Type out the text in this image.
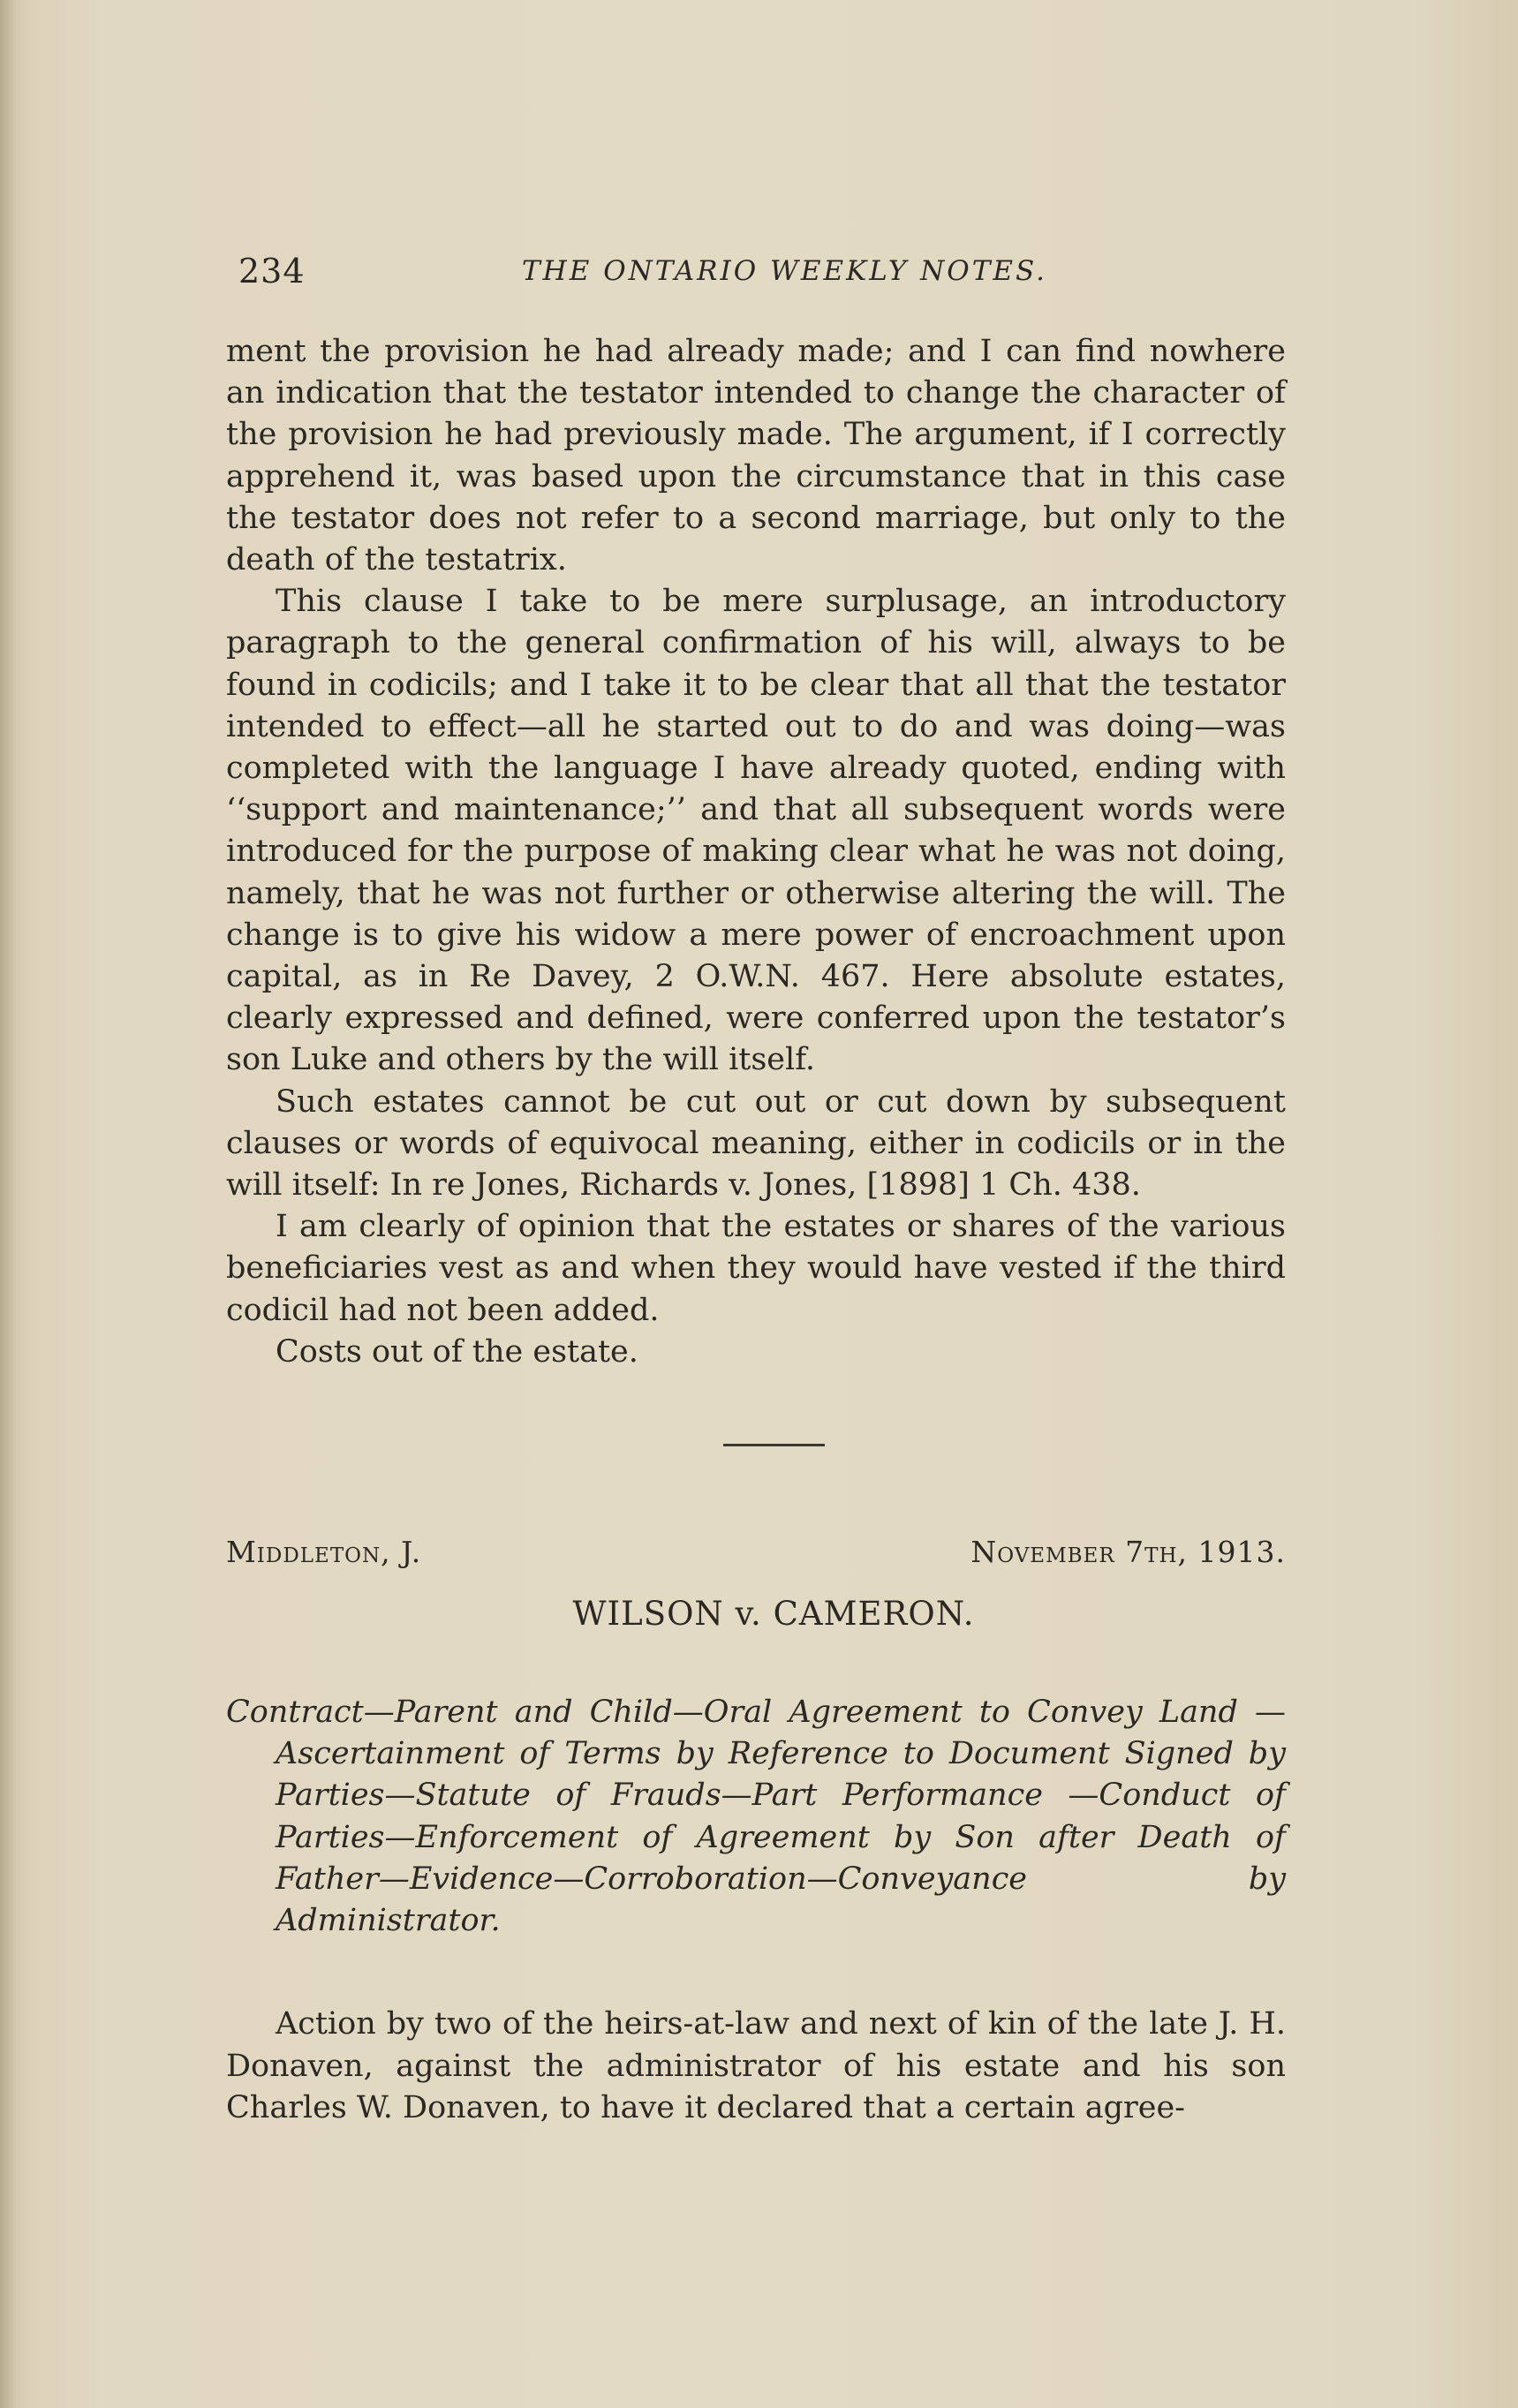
234	THE ONTARIO WEEKLY NOTES.

ment the provision he had already made; and I can find nowhere an indication that the testator intended to change the character of the provision he had previously made. The argument, if I correctly apprehend it, was based upon the circumstance that in this case the testator does not refer to a second marriage, but only to the death of the testatrix.

This clause I take to be mere surplusage, an introductory paragraph to the general confirmation of his will, always to be found in codicils; and I take it to be clear that all that the testator intended to effect—all he started out to do and was doing—was completed with the language I have already quoted, ending with ‘‘support and maintenance;’’ and that all subsequent words were introduced for the purpose of making clear what he was not doing, namely, that he was not further or otherwise altering the will. The change is to give his widow a mere power of encroachment upon capital, as in Re Davey, 2 O.W.N. 467. Here absolute estates, clearly expressed and defined, were conferred upon the testator’s son Luke and others by the will itself.

Such estates cannot be cut out or cut down by subsequent clauses or words of equivocal meaning, either in codicils or in the will itself: In re Jones, Richards v. Jones, [1898] 1 Ch. 438.

I am clearly of opinion that the estates or shares of the various beneficiaries vest as and when they would have vested if the third codicil had not been added.

Costs out of the estate.

Middleton, J.	November 7th, 1913.
WILSON v. CAMERON.
Contract—Parent and Child—Oral Agreement to Convey Land —Ascertainment of Terms by Reference to Document Signed by Parties—Statute of Frauds—Part Performance —Conduct of Parties—Enforcement of Agreement by Son after Death of Father—Evidence—Corroboration—Conveyance by Administrator.
Action by two of the heirs-at-law and next of kin of the late J. H. Donaven, against the administrator of his estate and his son Charles W. Donaven, to have it declared that a certain agree-
